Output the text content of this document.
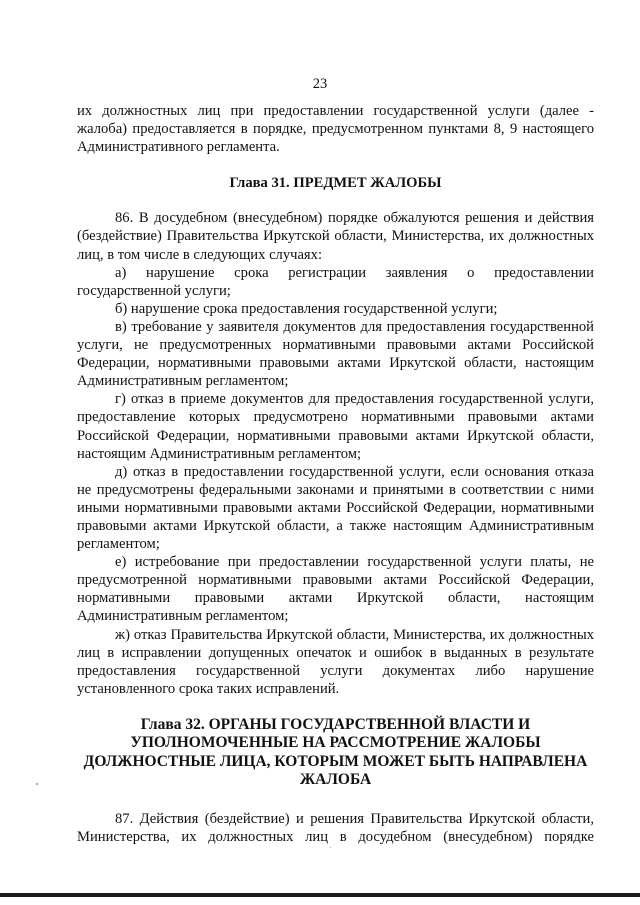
23

их должностных лиц при предоставлении государственной услуги (далее - жалоба) предоставляется в порядке, предусмотренном пунктами 8, 9 настоящего Административного регламента.

Глава 31. ПРЕДМЕТ ЖАЛОБЫ

86. В досудебном (внесудебном) порядке обжалуются решения и действия (бездействие) Правительства Иркутской области, Министерства, их должностных лиц, в том числе в следующих случаях:

а) нарушение срока регистрации заявления о предоставлении государственной услуги;

б) нарушение срока предоставления государственной услуги;

в) требование у заявителя документов для предоставления государственной услуги, не предусмотренных нормативными правовыми актами Российской Федерации, нормативными правовыми актами Иркутской области, настоящим Административным регламентом;

г) отказ в приеме документов для предоставления государственной услуги, предоставление которых предусмотрено нормативными правовыми актами Российской Федерации, нормативными правовыми актами Иркутской области, настоящим Административным регламентом;

д) отказ в предоставлении государственной услуги, если основания отказа не предусмотрены федеральными законами и принятыми в соответствии с ними иными нормативными правовыми актами Российской Федерации, нормативными правовыми актами Иркутской области, а также настоящим Административным регламентом;

е) истребование при предоставлении государственной услуги платы, не предусмотренной нормативными правовыми актами Российской Федерации, нормативными правовыми актами Иркутской области, настоящим Административным регламентом;

ж) отказ Правительства Иркутской области, Министерства, их должностных лиц в исправлении допущенных опечаток и ошибок в выданных в результате предоставления государственной услуги документах либо нарушение установленного срока таких исправлений.

Глава 32. ОРГАНЫ ГОСУДАРСТВЕННОЙ ВЛАСТИ И УПОЛНОМОЧЕННЫЕ НА РАССМОТРЕНИЕ ЖАЛОБЫ ДОЛЖНОСТНЫЕ ЛИЦА, КОТОРЫМ МОЖЕТ БЫТЬ НАПРАВЛЕНА ЖАЛОБА

87. Действия (бездействие) и решения Правительства Иркутской области, Министерства, их должностных лиц в досудебном (внесудебном) порядке
